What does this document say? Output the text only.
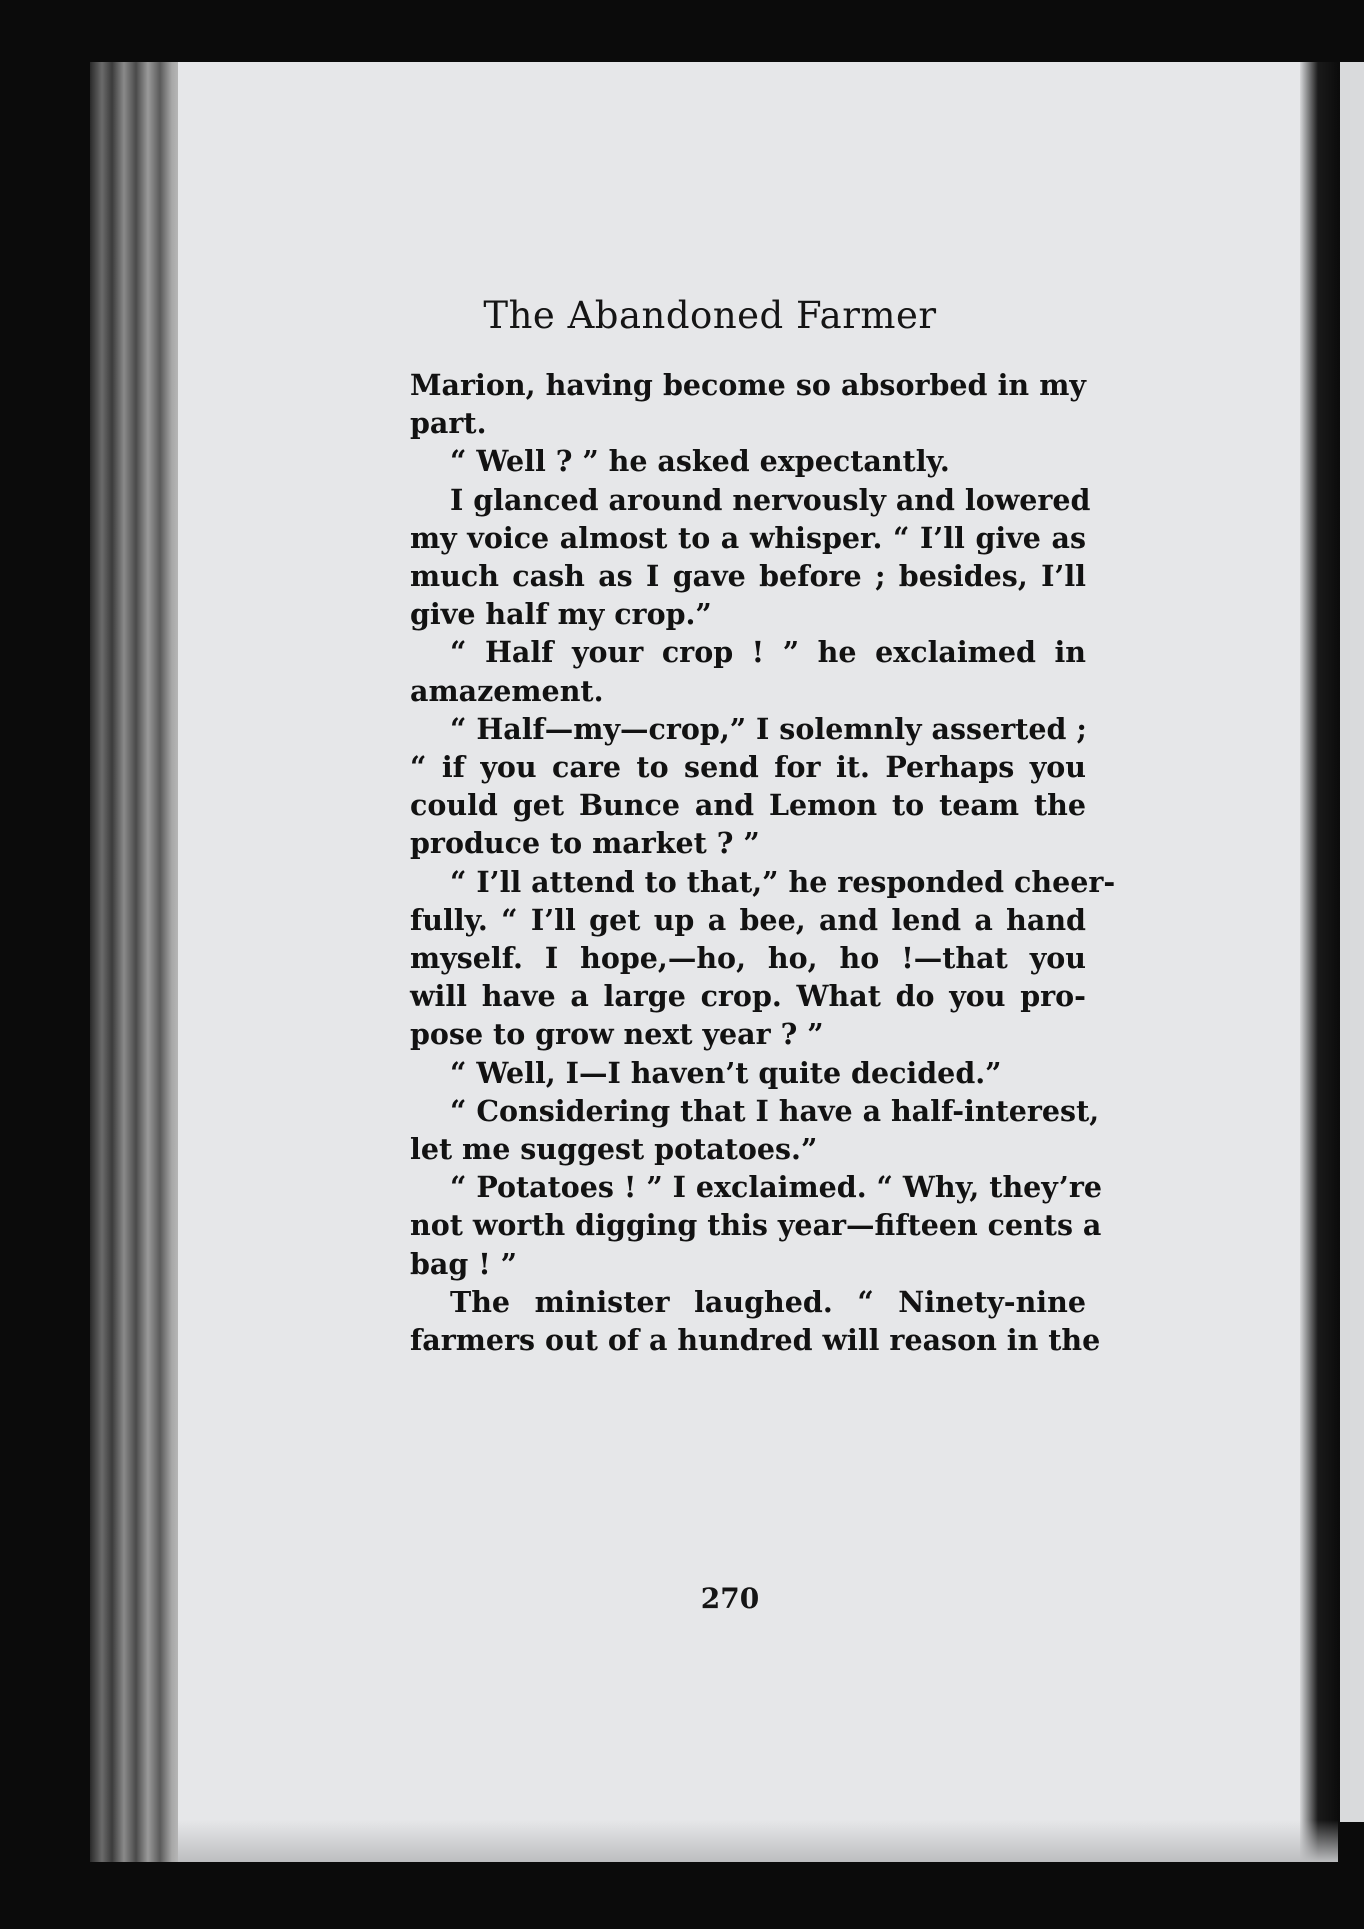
The Abandoned Farmer
Marion, having become so absorbed in my
part.
“ Well ? ” he asked expectantly.
I glanced around nervously and lowered
my voice almost to a whisper. “ I’ll give as
much cash as I gave before ; besides, I’ll
give half my crop.”
“ Half your crop ! ” he exclaimed in
amazement.
“ Half—my—crop,” I solemnly asserted ;
“ if you care to send for it. Perhaps you
could get Bunce and Lemon to team the
produce to market ? ”
“ I’ll attend to that,” he responded cheer-
fully. “ I’ll get up a bee, and lend a hand
myself. I hope,—ho, ho, ho !—that you
will have a large crop. What do you pro-
pose to grow next year ? ”
“ Well, I—I haven’t quite decided.”
“ Considering that I have a half-interest,
let me suggest potatoes.”
“ Potatoes ! ” I exclaimed. “ Why, they’re
not worth digging this year—fifteen cents a
bag ! ”
The minister laughed. “ Ninety-nine
farmers out of a hundred will reason in the
270
